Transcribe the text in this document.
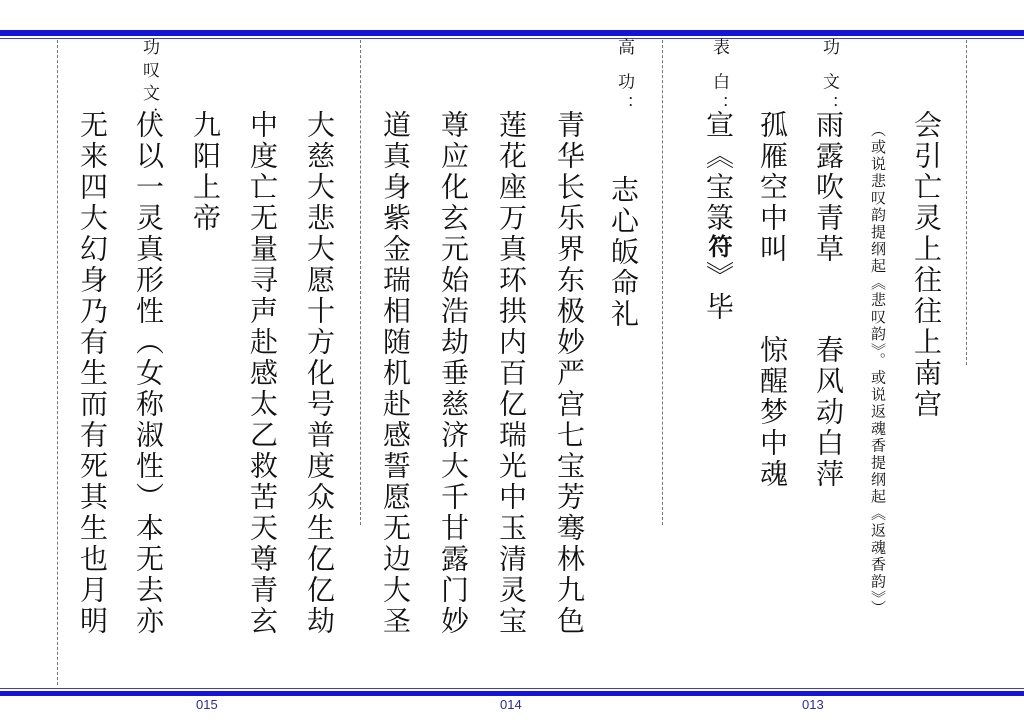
会引亡灵上往往上南宫
（或说悲叹韵提纲起《悲叹韵》。或说返魂香提纲起《返魂香韵》）
功 文：
雨露吹青草
春风动白萍
孤雁空中叫
惊醒梦中魂
表 白：
宣《宝箓符》毕
高 功：
志心皈命礼
青华长乐界东极妙严宫七宝芳骞林九色
莲花座万真环拱内百亿瑞光中玉清灵宝
尊应化玄元始浩劫垂慈济大千甘露门妙
道真身紫金瑞相随机赴感誓愿无边大圣
大慈大悲大愿十方化号普度众生亿亿劫
中度亡无量寻声赴感太乙救苦天尊青玄
九阳上帝
功叹文：
伏以一灵真形性（女称淑性）本无去亦
无来四大幻身乃有生而有死其生也月明
015	014	013
